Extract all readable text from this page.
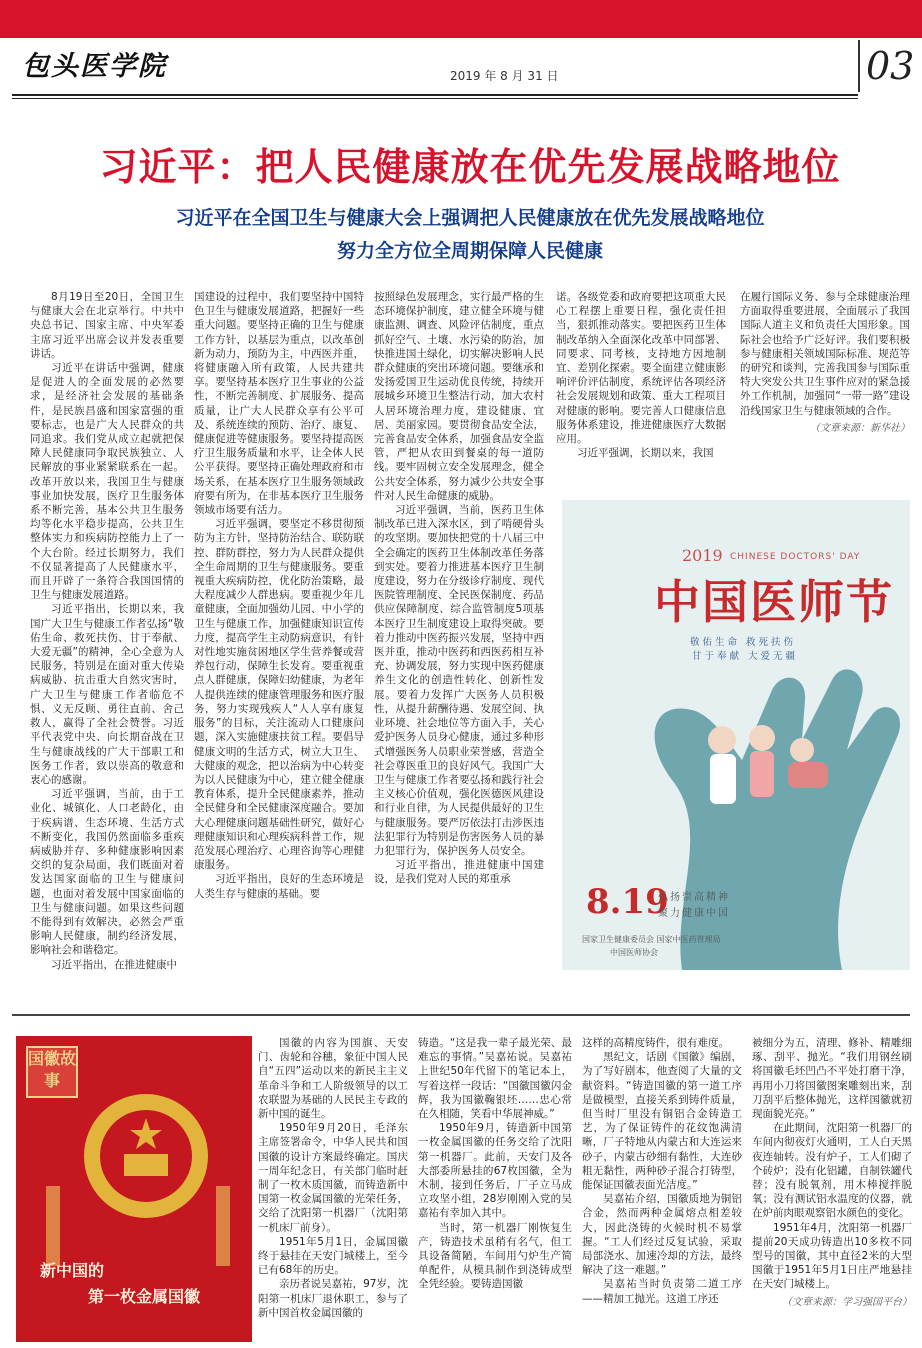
包头医学院	2019 年 8 月 31 日	03
习近平：把人民健康放在优先发展战略地位
习近平在全国卫生与健康大会上强调把人民健康放在优先发展战略地位
努力全方位全周期保障人民健康

8月19日至20日，全国卫生与健康大会在北京举行。中共中央总书记、国家主席、中央军委主席习近平出席会议并发表重要讲话。

习近平在讲话中强调，健康是促进人的全面发展的必然要求，是经济社会发展的基础条件，是民族昌盛和国家富强的重要标志，也是广大人民群众的共同追求。我们党从成立起就把保障人民健康同争取民族独立、人民解放的事业紧紧联系在一起。改革开放以来，我国卫生与健康事业加快发展，医疗卫生服务体系不断完善，基本公共卫生服务均等化水平稳步提高，公共卫生整体实力和疾病防控能力上了一个大台阶。经过长期努力，我们不仅显著提高了人民健康水平，而且开辟了一条符合我国国情的卫生与健康发展道路。

习近平指出，长期以来，我国广大卫生与健康工作者弘扬“敬佑生命、救死扶伤、甘于奉献、大爱无疆”的精神，全心全意为人民服务，特别是在面对重大传染病威胁、抗击重大自然灾害时，广大卫生与健康工作者临危不惧、义无反顾、勇往直前、舍己救人，赢得了全社会赞誉。习近平代表党中央、向长期奋战在卫生与健康战线的广大干部职工和医务工作者，致以崇高的敬意和衷心的感谢。

习近平强调，当前，由于工业化、城镇化、人口老龄化，由于疾病谱、生态环境、生活方式不断变化，我国仍然面临多重疾病威胁并存、多种健康影响因素交织的复杂局面，我们既面对着发达国家面临的卫生与健康问题，也面对着发展中国家面临的卫生与健康问题。如果这些问题不能得到有效解决，必然会严重影响人民健康，制约经济发展，影响社会和谐稳定。

习近平指出，在推进健康中

国建设的过程中，我们要坚持中国特色卫生与健康发展道路，把握好一些重大问题。要坚持正确的卫生与健康工作方针，以基层为重点，以改革创新为动力，预防为主，中西医并重，将健康融入所有政策，人民共建共享。要坚持基本医疗卫生事业的公益性，不断完善制度、扩展服务、提高质量，让广大人民群众享有公平可及、系统连续的预防、治疗、康复、健康促进等健康服务。要坚持提高医疗卫生服务质量和水平，让全体人民公平获得。要坚持正确处理政府和市场关系，在基本医疗卫生服务领域政府要有所为，在非基本医疗卫生服务领域市场要有活力。

习近平强调，要坚定不移贯彻预防为主方针，坚持防治结合、联防联控、群防群控，努力为人民群众提供全生命周期的卫生与健康服务。要重视重大疾病防控，优化防治策略，最大程度减少人群患病。要重视少年儿童健康，全面加强幼儿园、中小学的卫生与健康工作，加强健康知识宣传力度，提高学生主动防病意识，有针对性地实施贫困地区学生营养餐或营养包行动，保障生长发育。要重视重点人群健康，保障妇幼健康，为老年人提供连续的健康管理服务和医疗服务，努力实现残疾人“人人享有康复服务”的目标，关注流动人口健康问题，深入实施健康扶贫工程。要倡导健康文明的生活方式，树立大卫生、大健康的观念，把以治病为中心转变为以人民健康为中心，建立健全健康教育体系，提升全民健康素养，推动全民健身和全民健康深度融合。要加大心理健康问题基础性研究，做好心理健康知识和心理疾病科普工作，规范发展心理治疗、心理咨询等心理健康服务。

习近平指出，良好的生态环境是人类生存与健康的基础。要

按照绿色发展理念，实行最严格的生态环境保护制度，建立健全环境与健康监测、调查、风险评估制度，重点抓好空气、土壤、水污染的防治，加快推进国土绿化，切实解决影响人民群众健康的突出环境问题。要继承和发扬爱国卫生运动优良传统，持续开展城乡环境卫生整洁行动，加大农村人居环境治理力度，建设健康、宜居、美丽家园。要贯彻食品安全法，完善食品安全体系，加强食品安全监管，严把从农田到餐桌的每一道防线。要牢固树立安全发展理念，健全公共安全体系，努力减少公共安全事件对人民生命健康的威胁。

习近平强调，当前，医药卫生体制改革已进入深水区，到了啃硬骨头的攻坚期。要加快把党的十八届三中全会确定的医药卫生体制改革任务落到实处。要着力推进基本医疗卫生制度建设，努力在分级诊疗制度、现代医院管理制度、全民医保制度、药品供应保障制度、综合监管制度5项基本医疗卫生制度建设上取得突破。要着力推动中医药振兴发展，坚持中西医并重，推动中医药和西医药相互补充、协调发展，努力实现中医药健康养生文化的创造性转化、创新性发展。要着力发挥广大医务人员积极性，从提升薪酬待遇、发展空间、执业环境、社会地位等方面入手，关心爱护医务人员身心健康，通过多种形式增强医务人员职业荣誉感，营造全社会尊医重卫的良好风气。我国广大卫生与健康工作者要弘扬和践行社会主义核心价值观，强化医德医风建设和行业自律，为人民提供最好的卫生与健康服务。要严厉依法打击涉医违法犯罪行为特别是伤害医务人员的暴力犯罪行为，保护医务人员安全。

习近平指出，推进健康中国建设，是我们党对人民的郑重承

诺。各级党委和政府要把这项重大民心工程摆上重要日程，强化责任担当，狠抓推动落实。要把医药卫生体制改革纳入全面深化改革中同部署、同要求、同考核，支持地方因地制宜、差别化探索。要全面建立健康影响评价评估制度，系统评估各项经济社会发展规划和政策、重大工程项目对健康的影响。要完善人口健康信息服务体系建设，推进健康医疗大数据应用。

习近平强调，长期以来，我国

在履行国际义务、参与全球健康治理方面取得重要进展，全面展示了我国国际人道主义和负责任大国形象。国际社会也给予广泛好评。我们要积极参与健康相关领域国际标准、规范等的研究和谈判，完善我国参与国际重特大突发公共卫生事件应对的紧急援外工作机制，加强同“一带一路”建设沿线国家卫生与健康领域的合作。

（文章来源：新华社）
2019 CHINESE DOCTORS' DAY
中国医师节
敬佑生命 救死扶伤
甘于奉献 大爱无疆
8.19
弘扬崇高精神
聚力健康中国
国家卫生健康委员会 国家中医药管理局
中国医师协会
国徽故事
新中国的
第一枚金属国徽

国徽的内容为国旗、天安门、齿轮和谷穗，象征中国人民自“五四”运动以来的新民主主义革命斗争和工人阶级领导的以工农联盟为基础的人民民主专政的新中国的诞生。

1950年9月20日，毛泽东主席签署命令，中华人民共和国国徽的设计方案最终确定。国庆一周年纪念日，有关部门临时赶制了一枚木质国徽，而铸造新中国第一枚金属国徽的光荣任务，交给了沈阳第一机器厂（沈阳第一机床厂前身）。

1951年5月1日，金属国徽终于悬挂在天安门城楼上，至今已有68年的历史。

亲历者说吴嘉祐，97岁，沈阳第一机床厂退休职工，参与了新中国首枚金属国徽的

铸造。“这是我一辈子最光荣、最难忘的事情。”吴嘉祐说。吴嘉祐上世纪50年代留下的笔记本上，写着这样一段话：“国徽国徽闪金辉，我为国徽鞠银坯……忠心常在久相随，笑看中华展神威。”

1950年9月，铸造新中国第一枚金属国徽的任务交给了沈阳第一机器厂。此前，天安门及各大部委所悬挂的67枚国徽，全为木制，接到任务后，厂子立马成立攻坚小组，28岁刚刚入党的吴嘉祐有幸加入其中。

当时，第一机器厂刚恢复生产，铸造技术虽稍有名气，但工具设备简陋，车间用勺炉生产简单配件，从模具制作到浇铸成型全凭经验。要铸造国徽

这样的高精度铸件，很有难度。

黑纪文，话剧《国徽》编剧，为了写好剧本，他查阅了大量的文献资料。“铸造国徽的第一道工序是做模型，直接关系到铸件质量，但当时厂里没有铜铝合金铸造工艺，为了保证铸件的花纹饱满清晰，厂子特地从内蒙古和大连运来砂子，内蒙古砂细有黏性，大连砂粗无黏性，两种砂子混合打铸型，能保证国徽表面光洁度。”

吴嘉祐介绍，国徽质地为铜铝合金，然而两种金属熔点相差较大，因此浇铸的火候时机不易掌握。“工人们经过反复试验，采取局部浇水、加速冷却的方法，最终解决了这一难题。”

吴嘉祐当时负责第二道工序——精加工抛光。这道工序还

被细分为五，清理、修补、精雕细琢、刮平、抛光。“我们用钢丝刷将国徽毛坯凹凸不平处打磨干净，再用小刀将国徽图案雕刻出来，刮刀刮平后整体抛光，这样国徽就初现面貌光亮。”

在此期间，沈阳第一机器厂的车间内彻夜灯火通明，工人白天黑夜连轴转。没有炉子，工人们砌了个砖炉；没有化铝罐，自制铁罐代替；没有脱氧剂，用木棒搅拌脱氧；没有测试铝水温度的仪器，就在炉前肉眼观察铝水颜色的变化。

1951年4月，沈阳第一机器厂提前20天成功铸造出10多枚不同型号的国徽，其中直径2米的大型国徽于1951年5月1日庄严地悬挂在天安门城楼上。

（文章来源：学习强国平台）
